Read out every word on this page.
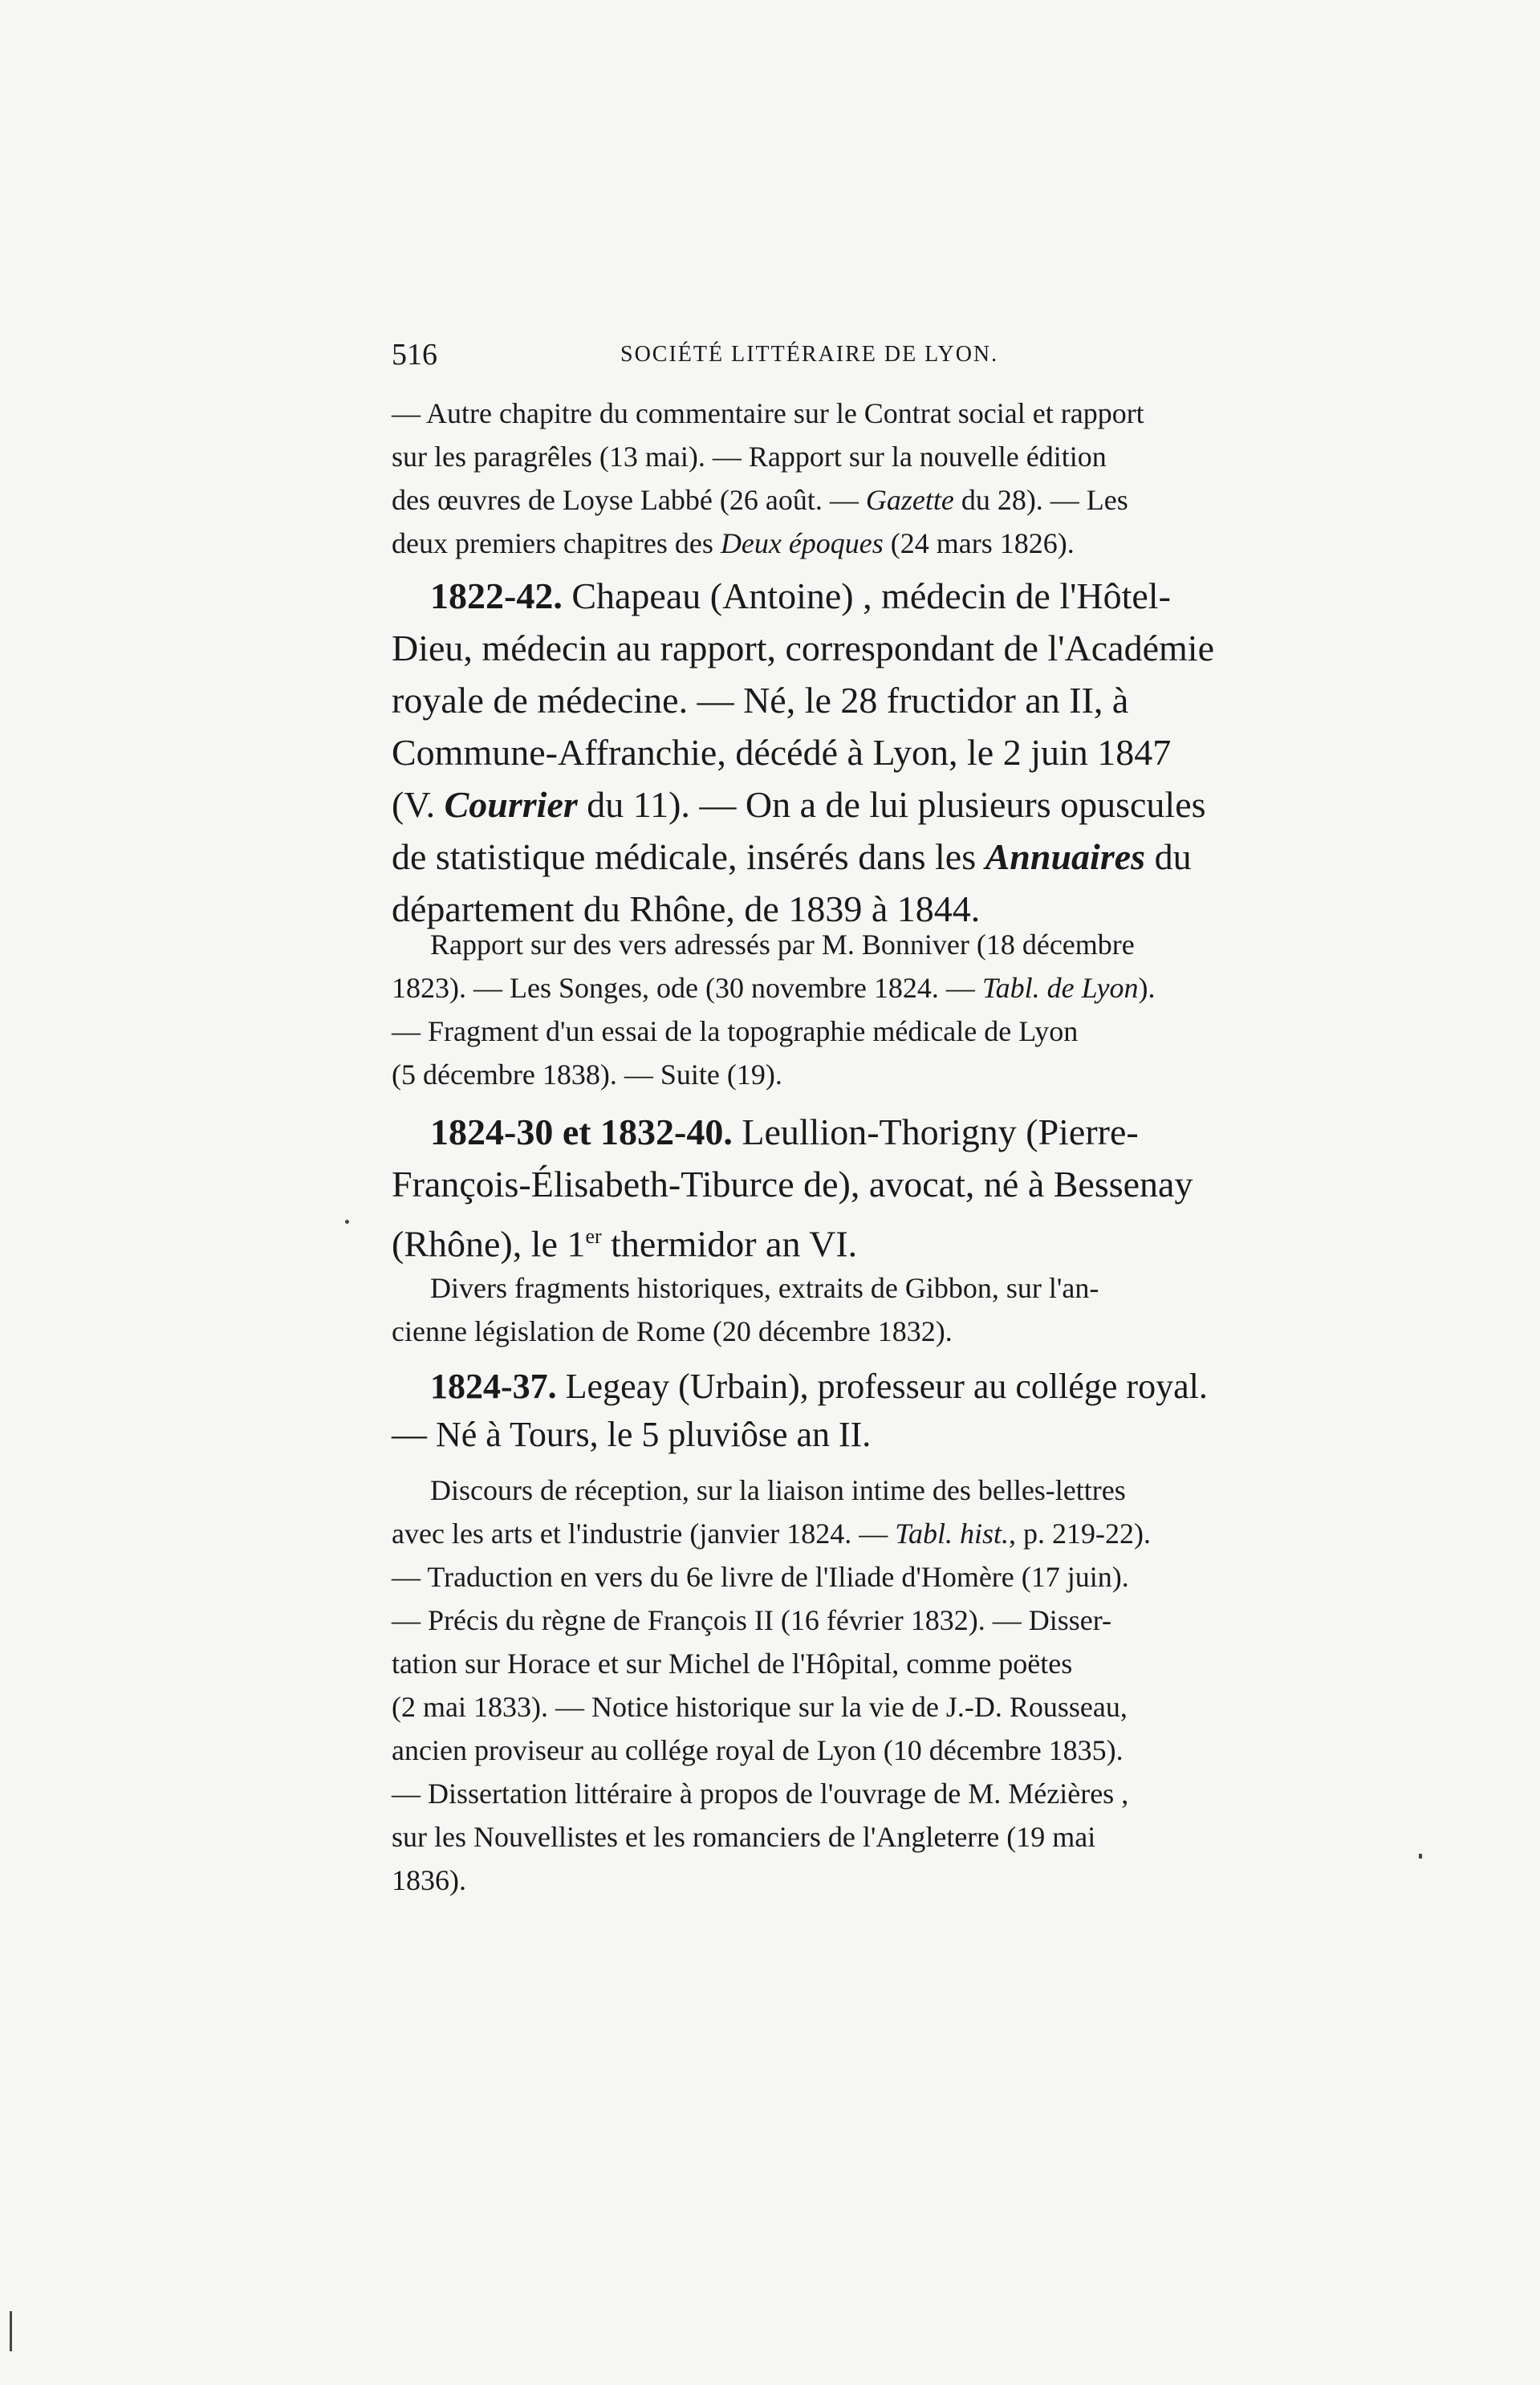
516	SOCIÉTÉ LITTÉRAIRE DE LYON.
— Autre chapitre du commentaire sur le Contrat social et rapport
sur les paragrêles (13 mai). — Rapport sur la nouvelle édition
des œuvres de Loyse Labbé (26 août. — Gazette du 28). — Les
deux premiers chapitres des Deux époques (24 mars 1826).
1822-42. Chapeau (Antoine) , médecin de l'Hôtel-
Dieu, médecin au rapport, correspondant de l'Académie
royale de médecine. — Né, le 28 fructidor an II, à
Commune-Affranchie, décédé à Lyon, le 2 juin 1847
(V. Courrier du 11). — On a de lui plusieurs opuscules
de statistique médicale, insérés dans les Annuaires du
département du Rhône, de 1839 à 1844.
Rapport sur des vers adressés par M. Bonniver (18 décembre
1823). — Les Songes, ode (30 novembre 1824. — Tabl. de Lyon).
— Fragment d'un essai de la topographie médicale de Lyon
(5 décembre 1838). — Suite (19).
1824-30 et 1832-40. Leullion-Thorigny (Pierre-
François-Élisabeth-Tiburce de), avocat, né à Bessenay
(Rhône), le 1er thermidor an VI.
Divers fragments historiques, extraits de Gibbon, sur l'an-
cienne législation de Rome (20 décembre 1832).
1824-37. Legeay (Urbain), professeur au collége royal.
— Né à Tours, le 5 pluviôse an II.
Discours de réception, sur la liaison intime des belles-lettres
avec les arts et l'industrie (janvier 1824. — Tabl. hist., p. 219-22).
— Traduction en vers du 6e livre de l'Iliade d'Homère (17 juin).
— Précis du règne de François II (16 février 1832). — Disser-
tation sur Horace et sur Michel de l'Hôpital, comme poëtes
(2 mai 1833). — Notice historique sur la vie de J.-D. Rousseau,
ancien proviseur au collége royal de Lyon (10 décembre 1835).
— Dissertation littéraire à propos de l'ouvrage de M. Mézières ,
sur les Nouvellistes et les romanciers de l'Angleterre (19 mai
1836).
